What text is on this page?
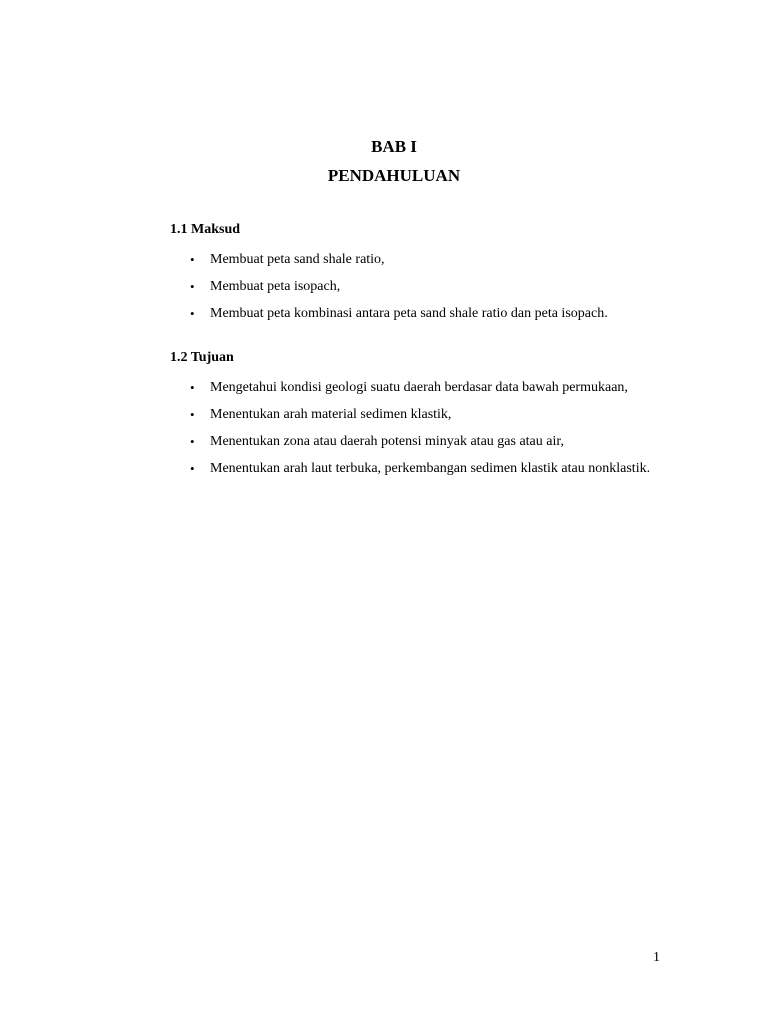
BAB I
PENDAHULUAN
1.1 Maksud
• Membuat peta sand shale ratio,
• Membuat peta isopach,
• Membuat peta kombinasi antara peta sand shale ratio dan peta isopach.
1.2 Tujuan
• Mengetahui kondisi geologi suatu daerah berdasar data bawah permukaan,
• Menentukan arah material sedimen klastik,
• Menentukan zona atau daerah potensi minyak atau gas atau air,
• Menentukan arah laut terbuka, perkembangan sedimen klastik atau nonklastik.
1
